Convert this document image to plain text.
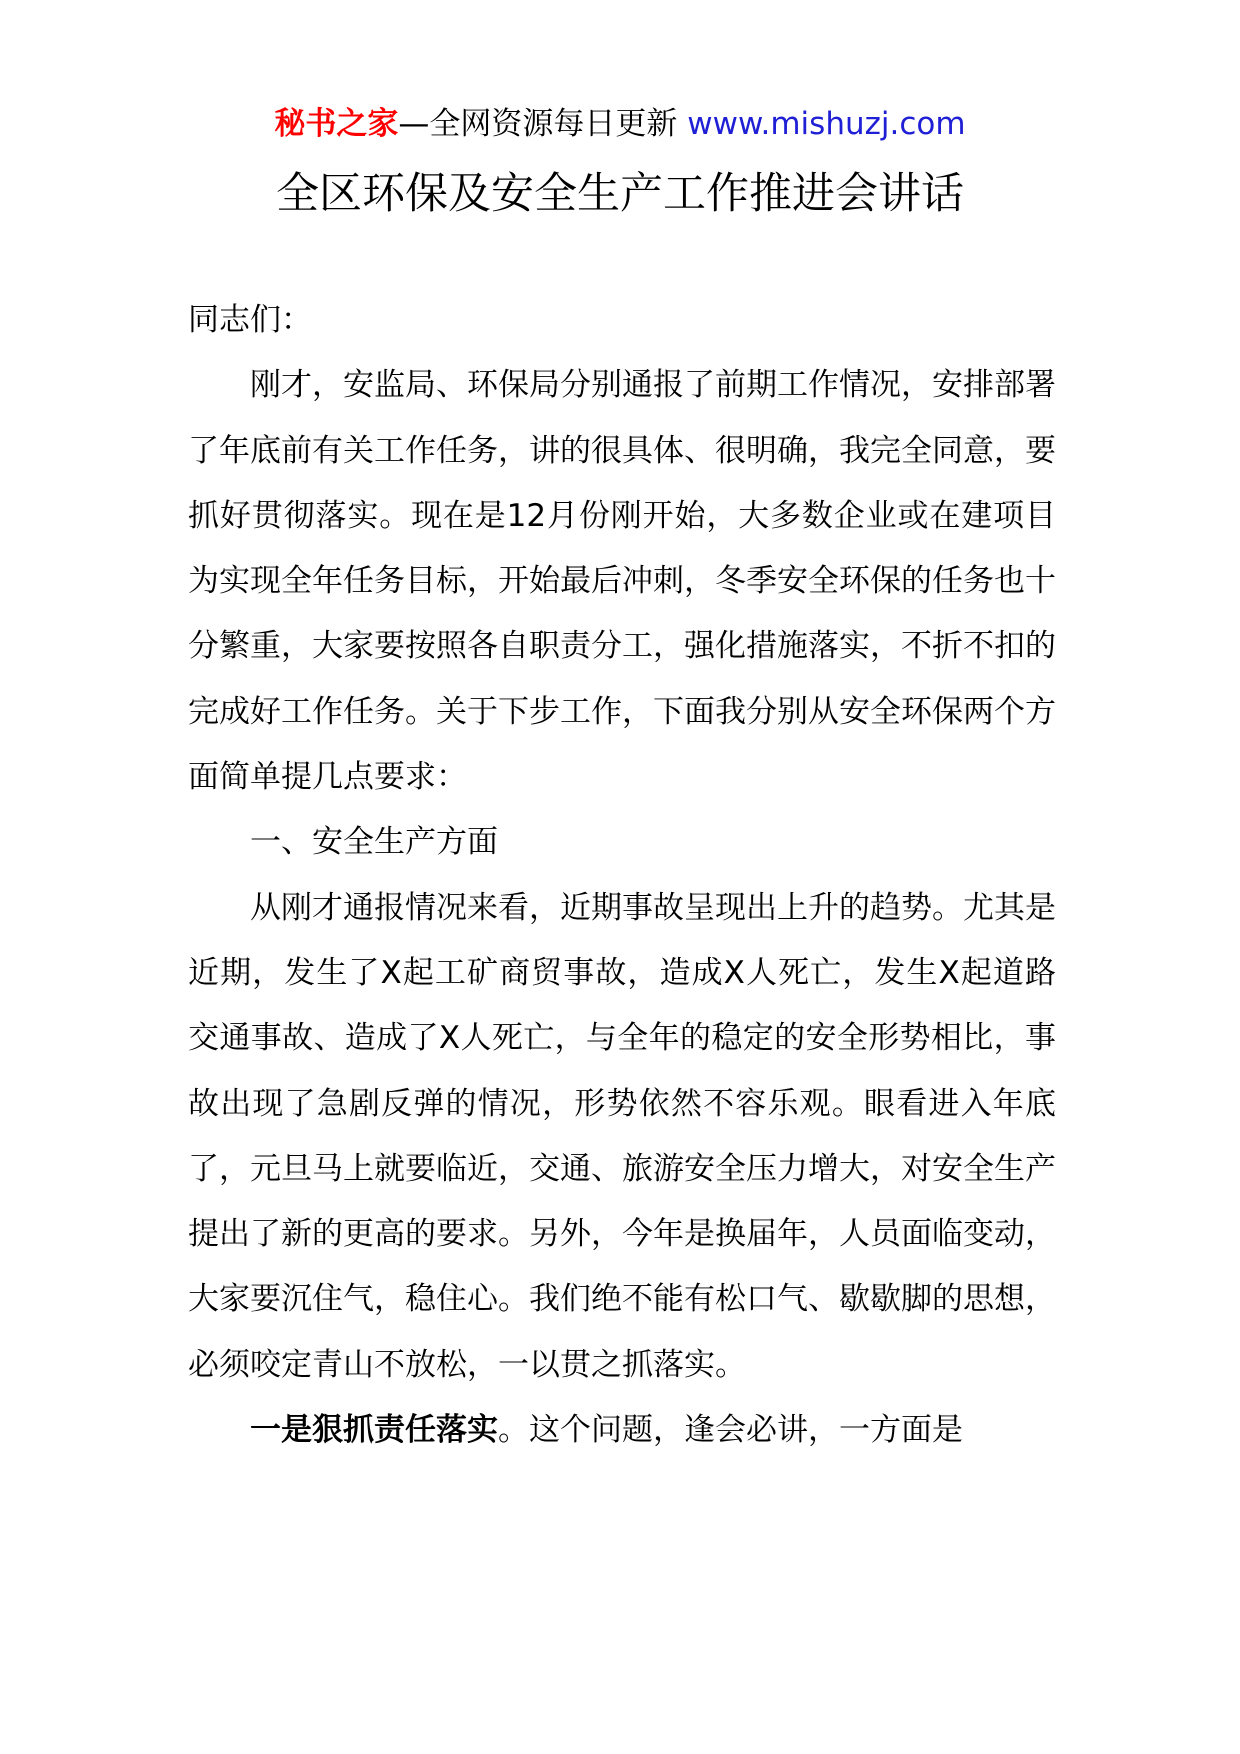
秘书之家—全网资源每日更新 www.mishuzj.com
全区环保及安全生产工作推进会讲话

同志们：

刚才，安监局、环保局分别通报了前期工作情况，安排部署了年底前有关工作任务，讲的很具体、很明确，我完全同意，要抓好贯彻落实。现在是12月份刚开始，大多数企业或在建项目为实现全年任务目标，开始最后冲刺，冬季安全环保的任务也十分繁重，大家要按照各自职责分工，强化措施落实，不折不扣的完成好工作任务。关于下步工作，下面我分别从安全环保两个方面简单提几点要求：

一、安全生产方面

从刚才通报情况来看，近期事故呈现出上升的趋势。尤其是近期，发生了X起工矿商贸事故，造成X人死亡，发生X起道路交通事故、造成了X人死亡，与全年的稳定的安全形势相比，事故出现了急剧反弹的情况，形势依然不容乐观。眼看进入年底了，元旦马上就要临近，交通、旅游安全压力增大，对安全生产提出了新的更高的要求。另外，今年是换届年，人员面临变动，大家要沉住气，稳住心。我们绝不能有松口气、歇歇脚的思想，必须咬定青山不放松，一以贯之抓落实。

一是狠抓责任落实。这个问题，逢会必讲，一方面是
